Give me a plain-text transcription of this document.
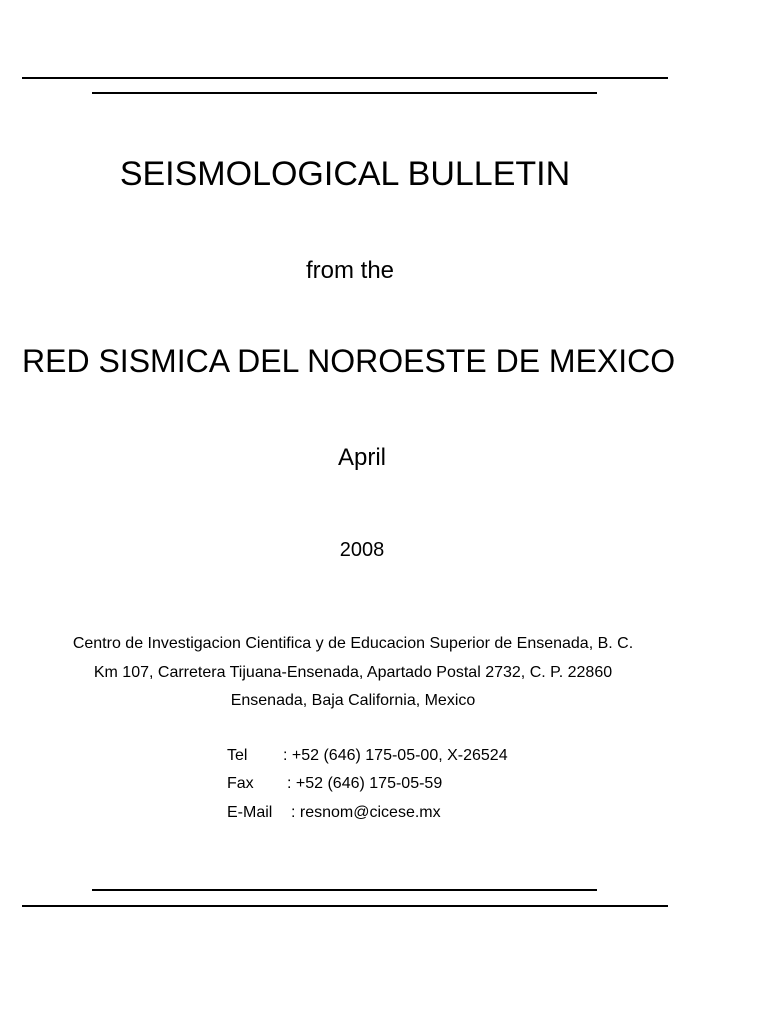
SEISMOLOGICAL BULLETIN
from the
RED SISMICA DEL NOROESTE DE MEXICO
April
2008
Centro de Investigacion Cientifica y de Educacion Superior de Ensenada, B. C.
Km 107, Carretera Tijuana-Ensenada, Apartado Postal 2732, C. P. 22860
Ensenada, Baja California, Mexico
Tel : +52 (646) 175-05-00, X-26524
Fax : +52 (646) 175-05-59
E-Mail : resnom@cicese.mx
